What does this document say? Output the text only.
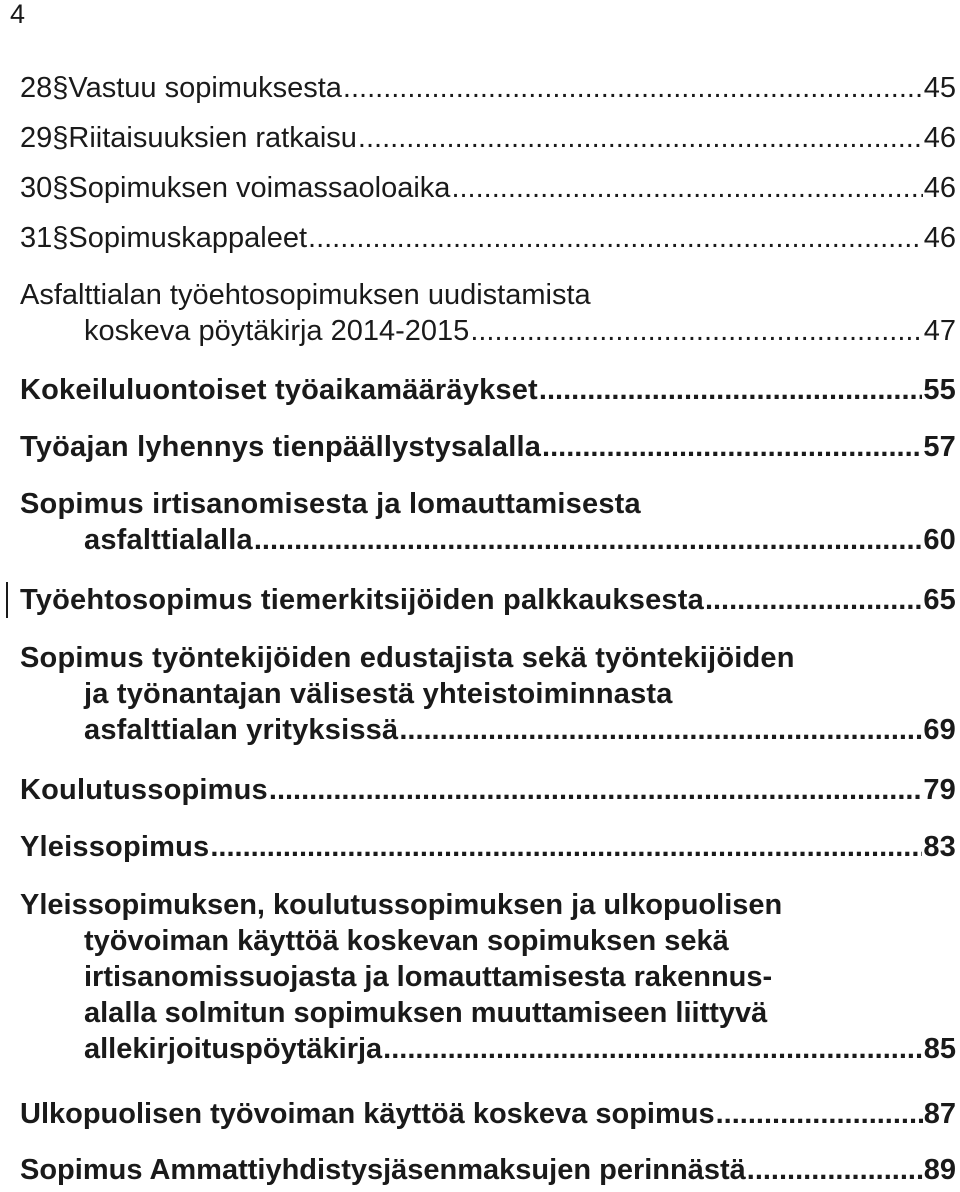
4
28 § Vastuu sopimuksesta .....	45
29 § Riitaisuuksien ratkaisu .....	46
30 § Sopimuksen voimassaoloaika .....	46
31 § Sopimuskappaleet .....	46
Asfalttialan työehtosopimuksen uudistamista
koskeva pöytäkirja 2014-2015 .....	47
Kokeiluluontoiset työaikamääräykset .....	55
Työajan lyhennys tienpäällystysalalla .....	57
Sopimus irtisanomisesta ja lomauttamisesta
asfalttialalla .....	60
Työehtosopimus tiemerkitsijöiden palkkauksesta .....	65
Sopimus työntekijöiden edustajista sekä työntekijöiden
ja työnantajan välisestä yhteistoiminnasta
asfalttialan yrityksissä .....	69
Koulutussopimus .....	79
Yleissopimus .....	83
Yleissopimuksen, koulutussopimuksen ja ulkopuolisen
työvoiman käyttöä koskevan sopimuksen sekä
irtisanomissuojasta ja lomauttamisesta rakennus-
alalla solmitun sopimuksen muuttamiseen liittyvä
allekirjoituspöytäkirja .....	85
Ulkopuolisen työvoiman käyttöä koskeva sopimus .....	87
Sopimus Ammattiyhdistysjäsenmaksujen perinnästä .....	89
